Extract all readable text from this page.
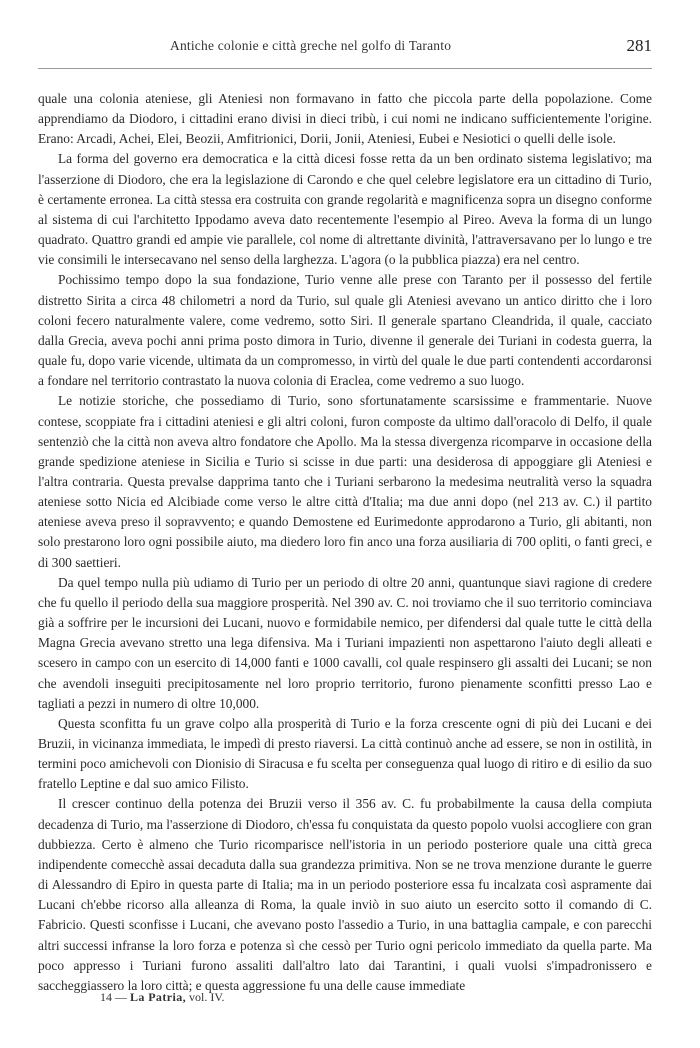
Antiche colonie e città greche nel golfo di Taranto	281

quale una colonia ateniese, gli Ateniesi non formavano in fatto che piccola parte della popolazione. Come apprendiamo da Diodoro, i cittadini erano divisi in dieci tribù, i cui nomi ne indicano sufficientemente l'origine. Erano: Arcadi, Achei, Elei, Beozii, Amfitrionici, Dorii, Jonii, Ateniesi, Eubei e Nesiotici o quelli delle isole.

La forma del governo era democratica e la città dicesi fosse retta da un ben ordinato sistema legislativo; ma l'asserzione di Diodoro, che era la legislazione di Carondo e che quel celebre legislatore era un cittadino di Turio, è certamente erronea. La città stessa era costruita con grande regolarità e magnificenza sopra un disegno conforme al sistema di cui l'architetto Ippodamo aveva dato recentemente l'esempio al Pireo. Aveva la forma di un lungo quadrato. Quattro grandi ed ampie vie parallele, col nome di altrettante divinità, l'attraversavano per lo lungo e tre vie consimili le intersecavano nel senso della larghezza. L'agora (o la pubblica piazza) era nel centro.

Pochissimo tempo dopo la sua fondazione, Turio venne alle prese con Taranto per il possesso del fertile distretto Sirita a circa 48 chilometri a nord da Turio, sul quale gli Ateniesi avevano un antico diritto che i loro coloni fecero naturalmente valere, come vedremo, sotto Siri. Il generale spartano Cleandrida, il quale, cacciato dalla Grecia, aveva pochi anni prima posto dimora in Turio, divenne il generale dei Turiani in codesta guerra, la quale fu, dopo varie vicende, ultimata da un compromesso, in virtù del quale le due parti contendenti accordaronsi a fondare nel territorio contrastato la nuova colonia di Eraclea, come vedremo a suo luogo.

Le notizie storiche, che possediamo di Turio, sono sfortunatamente scarsissime e frammentarie. Nuove contese, scoppiate fra i cittadini ateniesi e gli altri coloni, furon composte da ultimo dall'oracolo di Delfo, il quale sentenziò che la città non aveva altro fondatore che Apollo. Ma la stessa divergenza ricomparve in occasione della grande spedizione ateniese in Sicilia e Turio si scisse in due parti: una desiderosa di appoggiare gli Ateniesi e l'altra contraria. Questa prevalse dapprima tanto che i Turiani serbarono la medesima neutralità verso la squadra ateniese sotto Nicia ed Alcibiade come verso le altre città d'Italia; ma due anni dopo (nel 213 av. C.) il partito ateniese aveva preso il sopravvento; e quando Demostene ed Eurimedonte approdarono a Turio, gli abitanti, non solo prestarono loro ogni possibile aiuto, ma diedero loro fin anco una forza ausiliaria di 700 opliti, o fanti greci, e di 300 saettieri.

Da quel tempo nulla più udiamo di Turio per un periodo di oltre 20 anni, quantunque siavi ragione di credere che fu quello il periodo della sua maggiore prosperità. Nel 390 av. C. noi troviamo che il suo territorio cominciava già a soffrire per le incursioni dei Lucani, nuovo e formidabile nemico, per difendersi dal quale tutte le città della Magna Grecia avevano stretto una lega difensiva. Ma i Turiani impazienti non aspettarono l'aiuto degli alleati e scesero in campo con un esercito di 14,000 fanti e 1000 cavalli, col quale respinsero gli assalti dei Lucani; se non che avendoli inseguiti precipitosamente nel loro proprio territorio, furono pienamente sconfitti presso Lao e tagliati a pezzi in numero di oltre 10,000.

Questa sconfitta fu un grave colpo alla prosperità di Turio e la forza crescente ogni di più dei Lucani e dei Bruzii, in vicinanza immediata, le impedì di presto riaversi. La città continuò anche ad essere, se non in ostilità, in termini poco amichevoli con Dionisio di Siracusa e fu scelta per conseguenza qual luogo di ritiro e di esilio da suo fratello Leptine e dal suo amico Filisto.

Il crescer continuo della potenza dei Bruzii verso il 356 av. C. fu probabilmente la causa della compiuta decadenza di Turio, ma l'asserzione di Diodoro, ch'essa fu conquistata da questo popolo vuolsi accogliere con gran dubbiezza. Certo è almeno che Turio ricomparisce nell'istoria in un periodo posteriore quale una città greca indipendente comecchè assai decaduta dalla sua grandezza primitiva. Non se ne trova menzione durante le guerre di Alessandro di Epiro in questa parte di Italia; ma in un periodo posteriore essa fu incalzata così aspramente dai Lucani ch'ebbe ricorso alla alleanza di Roma, la quale inviò in suo aiuto un esercito sotto il comando di C. Fabricio. Questi sconfisse i Lucani, che avevano posto l'assedio a Turio, in una battaglia campale, e con parecchi altri successi infranse la loro forza e potenza sì che cessò per Turio ogni pericolo immediato da quella parte. Ma poco appresso i Turiani furono assaliti dall'altro lato dai Tarantini, i quali vuolsi s'impadronissero e saccheggiassero la loro città; e questa aggressione fu una delle cause immediate

14 — La Patria, vol. IV.
